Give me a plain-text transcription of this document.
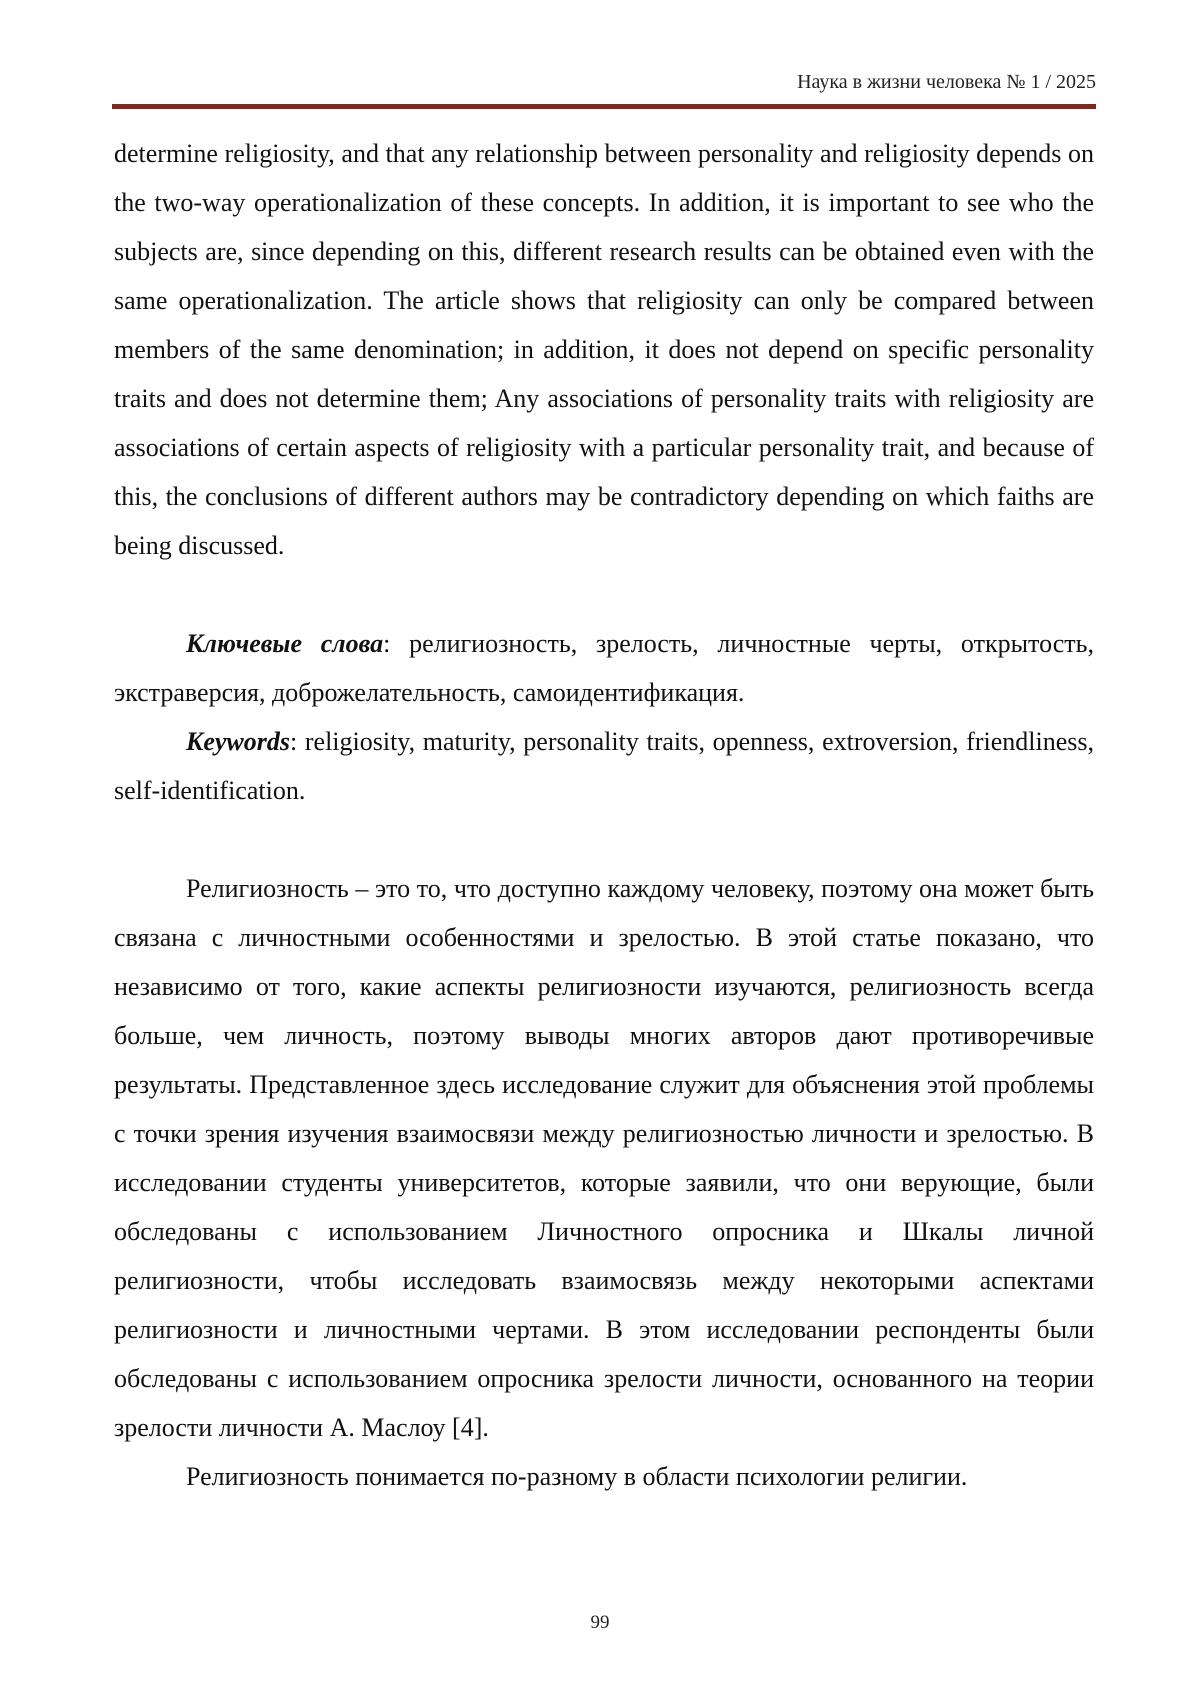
Наука в жизни человека № 1 / 2025

determine religiosity, and that any relationship between personality and religiosity depends on the two-way operationalization of these concepts. In addition, it is important to see who the subjects are, since depending on this, different research results can be obtained even with the same operationalization. The article shows that religiosity can only be compared between members of the same denomination; in addition, it does not depend on specific personality traits and does not determine them; Any associations of personality traits with religiosity are associations of certain aspects of religiosity with a particular personality trait, and because of this, the conclusions of different authors may be contradictory depending on which faiths are being discussed.

Ключевые слова: религиозность, зрелость, личностные черты, открытость, экстраверсия, доброжелательность, самоидентификация.

Keywords: religiosity, maturity, personality traits, openness, extroversion, friendliness, self-identification.

Религиозность – это то, что доступно каждому человеку, поэтому она может быть связана с личностными особенностями и зрелостью. В этой статье показано, что независимо от того, какие аспекты религиозности изучаются, религиозность всегда больше, чем личность, поэтому выводы многих авторов дают противоречивые результаты. Представленное здесь исследование служит для объяснения этой проблемы с точки зрения изучения взаимосвязи между религиозностью личности и зрелостью. В исследовании студенты университетов, которые заявили, что они верующие, были обследованы с использованием Личностного опросника и Шкалы личной религиозности, чтобы исследовать взаимосвязь между некоторыми аспектами религиозности и личностными чертами. В этом исследовании респонденты были обследованы с использованием опросника зрелости личности, основанного на теории зрелости личности А. Маслоу [4].

Религиозность понимается по-разному в области психологии религии.

99
